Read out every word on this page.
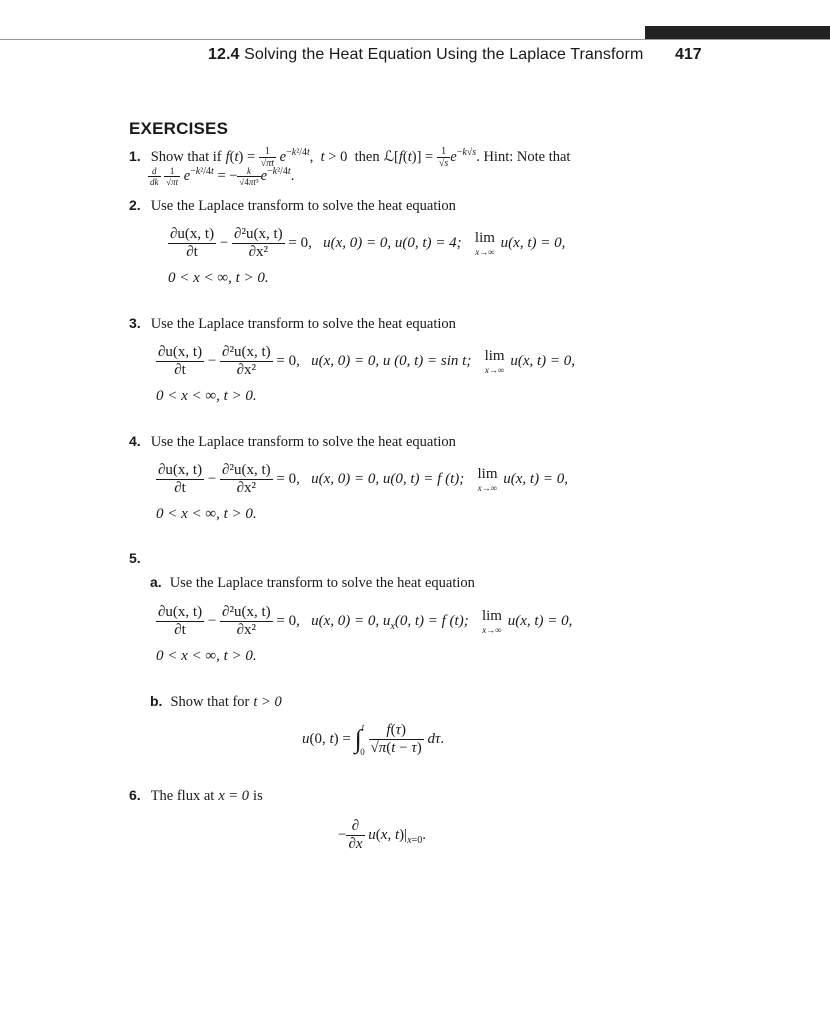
12.4 Solving the Heat Equation Using the Laplace Transform 417
EXERCISES
1. Show that if $f(t) = \frac{1}{√\pi t} e^{-k^2/4t}$,  t > 0  then ℒ[f(t)] = $\frac{1}{√s} e^{-k√s}$. Hint: Note that
$\frac{d}{dk}$
$\frac{1}{√\pi t} e^{-k^2/4t}$ = − $\frac{k}{\text{√4πt³}} e^{-k^2/4t}$.
2. Use the Laplace transform to solve the heat equation
$\frac{\partial u(x, t)}{\partial t} - \frac{\text{∂²u(x, t)}}{\text{∂x²}} = 0$, u(x, 0) = 0, u(0, t) = 4; lim
x→∞
u(x, t) = 0,
0 < x < ∞, t > 0.
3. Use the Laplace transform to solve the heat equation
$\frac{\partial u(x, t)}{\partial t} - \frac{\text{∂²u(x, t)}}{\text{∂x²}} = 0$, u(x, 0) = 0, u (0, t) = sin t; lim
x→∞
u(x, t) = 0,
0 < x < ∞, t > 0.
4. Use the Laplace transform to solve the heat equation
$\frac{\partial u(x, t)}{\partial t} - \frac{\text{∂²u(x, t)}}{\text{∂x²}} = 0$, u(x, 0) = 0, u(0, t) = f (t); lim
x→∞
u(x, t) = 0,
0 < x < ∞, t > 0.
5.
a. Use the Laplace transform to solve the heat equation
$\frac{\partial u(x, t)}{\partial t} - \frac{\text{∂²u(x, t)}}{\text{∂x²}} = 0$, u(x, 0) = 0, $u_x(0$, t) = f (t); lim
x→∞
u(x, t) = 0,
0 < x < ∞, t > 0.
b. Show that for t > 0
u(0, $t) = \int^t0 \frac{f(\tau)}{√\pi(t - \tau)} d\tau$.
6. The flux at x = 0 is
− $\frac{\partial}{\partial x} u(x$, $t)|_{x=0}$.
